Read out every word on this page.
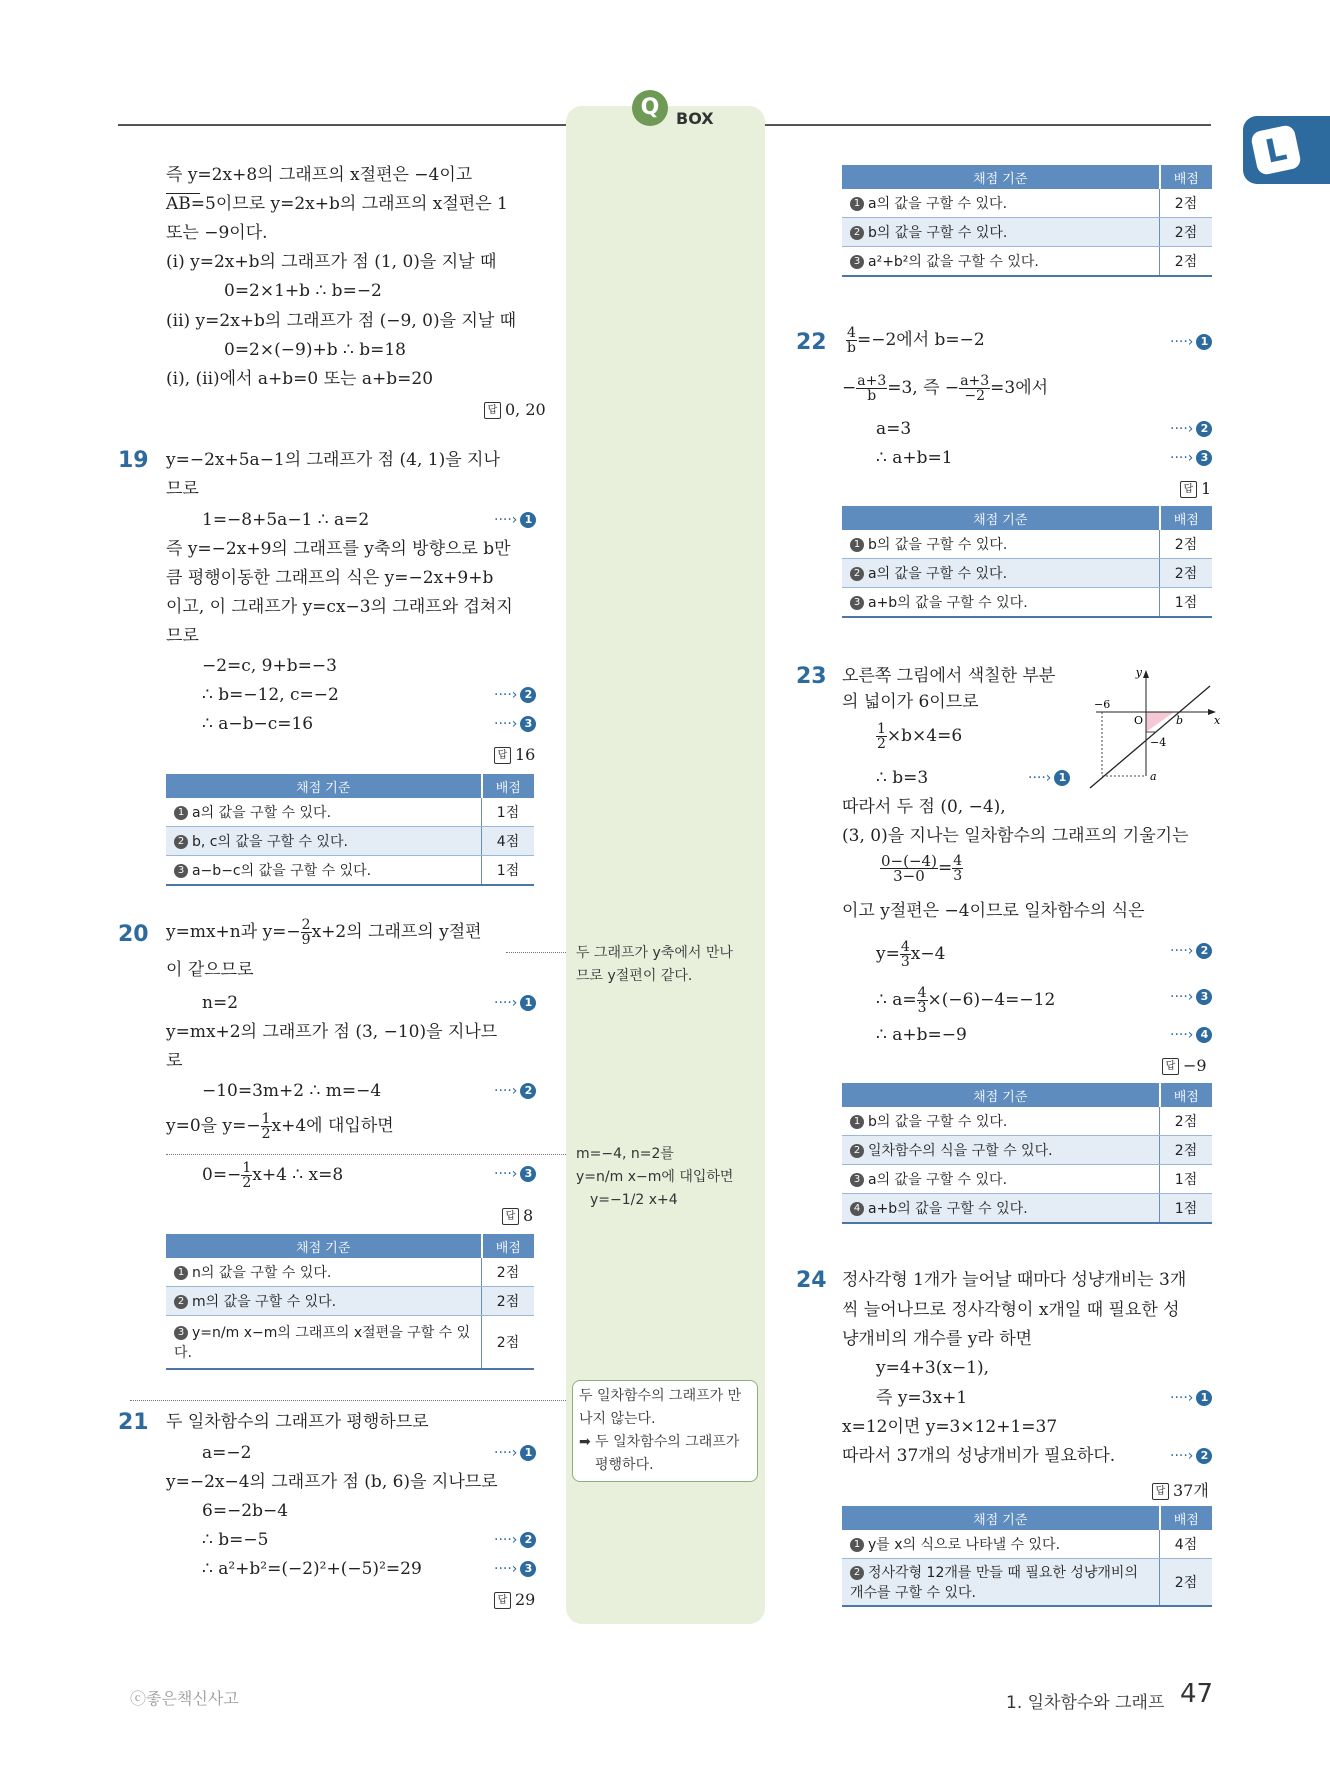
Q	BOX
L
즉 y=2x+8의 그래프의 x절편은 −4이고
AB=5이므로 y=2x+b의 그래프의 x절편은 1
또는 −9이다.
(i) y=2x+b의 그래프가 점 (1, 0)을 지날 때
0=2×1+b ∴ b=−2
(ii) y=2x+b의 그래프가 점 (−9, 0)을 지날 때
0=2×(−9)+b ∴ b=18
(i), (ii)에서 a+b=0 또는 a+b=20
답 0, 20
19 y=−2x+5a−1의 그래프가 점 (4, 1)을 지나
므로
1=−8+5a−1 ∴ a=2	····› 1
즉 y=−2x+9의 그래프를 y축의 방향으로 b만
큼 평행이동한 그래프의 식은 y=−2x+9+b
이고, 이 그래프가 y=cx−3의 그래프와 겹쳐지
므로
−2=c, 9+b=−3
∴ b=−12, c=−2	····› 2
∴ a−b−c=16	····› 3
답 16
채점 기준	배점
1 a의 값을 구할 수 있다.	1점
2 b, c의 값을 구할 수 있다.	4점
3 a−b−c의 값을 구할 수 있다.	1점
20 y=mx+n과 $y=- \frac{2}{9} x+2$의 그래프의 y절편
이 같으므로
n=2	····› 1
y=mx+2의 그래프가 점 (3, −10)을 지나므
로
−10=3m+2 ∴ m=−4	····› 2
y=0을 $y=- \frac{1}{2} x+4$에 대입하면
$0=- \frac{1}{2} x+4$ ∴ x=8	····› 3
답 8
채점 기준	배점
1 n의 값을 구할 수 있다.	2점
2 m의 값을 구할 수 있다.	2점
3 y=n/m x−m의 그래프의 x절편을 구할 수 있다.	2점
21 두 일차함수의 그래프가 평행하므로
a=−2	····› 1
y=−2x−4의 그래프가 점 (b, 6)을 지나므로
6=−2b−4
∴ b=−5	····› 2
∴ a²+b²=(−2)²+(−5)²=29	····› 3
답 29
두 그래프가 y축에서 만나
므로 y절편이 같다.
m=−4, n=2를
y=n/m x−m에 대입하면
y=−1/2 x+4
두 일차함수의 그래프가 만
나지 않는다.
➡ 두 일차함수의 그래프가
평행하다.
채점 기준	배점
1 a의 값을 구할 수 있다.	2점
2 b의 값을 구할 수 있다.	2점
3 a²+b²의 값을 구할 수 있다.	2점
$22 \frac{4}{b} =-2$에서 b=−2	····› 1
− $\frac{a+3}{b} =3$, 즉 − $\frac{a+3}{-2} =3$에서
a=3	····› 2
∴ a+b=1	····› 3
답 1
채점 기준	배점
1 b의 값을 구할 수 있다.	2점
2 a의 값을 구할 수 있다.	2점
3 a+b의 값을 구할 수 있다.	1점
23 오른쪽 그림에서 색칠한 부분
의 넓이가 6이므로
$\frac{1}{2} \times b\times 4=6$
∴ b=3	····› 1
따라서 두 점 (0, −4),
(3, 0)을 지나는 일차함수의 그래프의 기울기는
$\frac{0-(-4)}{3-0} = \frac{4}{3}$
이고 y절편은 −4이므로 일차함수의 식은
$y= \frac{4}{3} x-4$	····› 2
∴ $a= \frac{4}{3} \times(-6)-4=-12$	····› 3
∴ a+b=−9	····› 4
답 −9
y
x
O
−6
b
−4
a
채점 기준	배점
1 b의 값을 구할 수 있다.	2점
2 일차함수의 식을 구할 수 있다.	2점
3 a의 값을 구할 수 있다.	1점
4 a+b의 값을 구할 수 있다.	1점
24 정사각형 1개가 늘어날 때마다 성냥개비는 3개
씩 늘어나므로 정사각형이 x개일 때 필요한 성
냥개비의 개수를 y라 하면
y=4+3(x−1),
즉 y=3x+1	····› 1
x=12이면 y=3×12+1=37
따라서 37개의 성냥개비가 필요하다.	····› 2
답 37개
채점 기준	배점
1 y를 x의 식으로 나타낼 수 있다.	4점
2 정사각형 12개를 만들 때 필요한 성냥개비의 개수를 구할 수 있다.	2점
ⓒ좋은책신사고	1. 일차함수와 그래프 47
